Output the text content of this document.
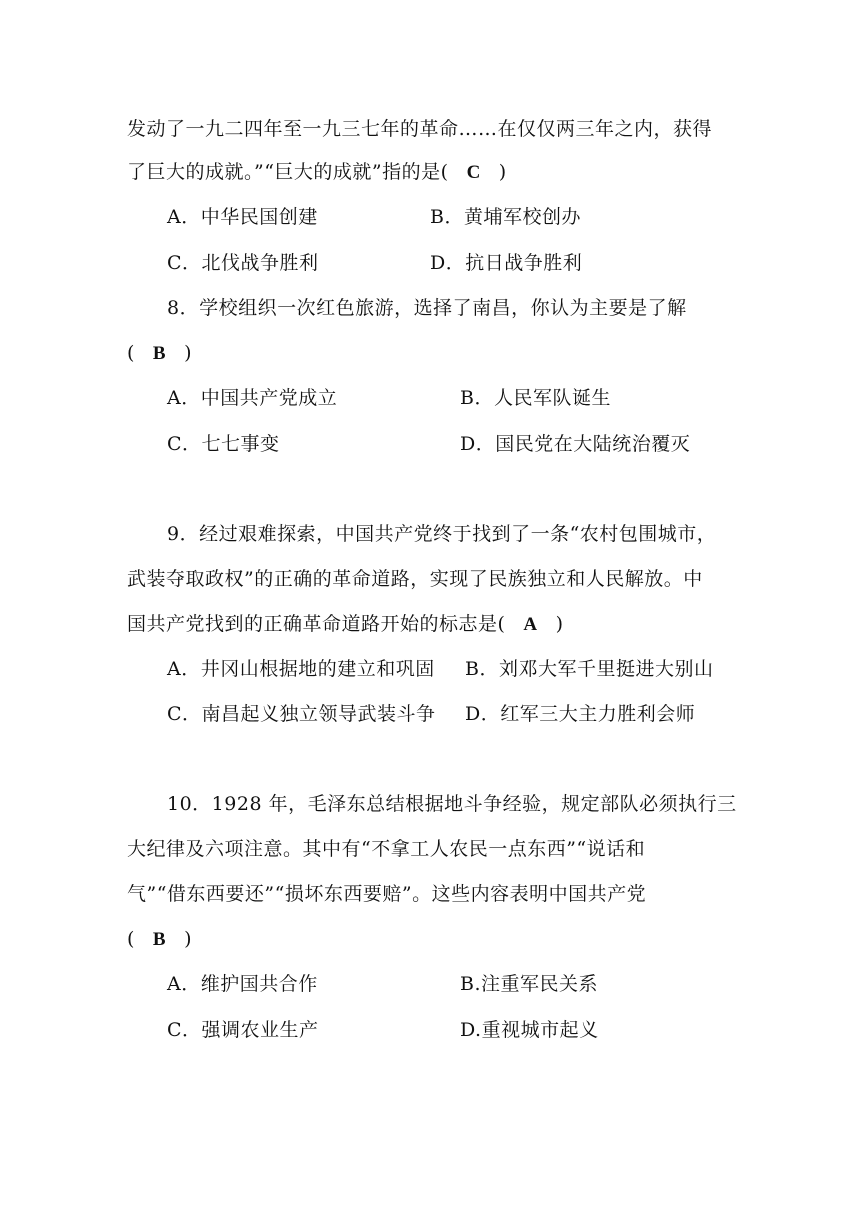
发动了一九二四年至一九三七年的革命……在仅仅两三年之内，获得
了巨大的成就。”“巨大的成就”指的是( C )
A．中华民国创建	B．黄埔军校创办
C．北伐战争胜利	D．抗日战争胜利
8．学校组织一次红色旅游，选择了南昌，你认为主要是了解
( B )
A．中国共产党成立	B．人民军队诞生
C．七七事变	D．国民党在大陆统治覆灭
9．经过艰难探索，中国共产党终于找到了一条“农村包围城市，
武装夺取政权”的正确的革命道路，实现了民族独立和人民解放。中
国共产党找到的正确革命道路开始的标志是( A )
A．井冈山根据地的建立和巩固 B．刘邓大军千里挺进大别山
C．南昌起义独立领导武装斗争 D．红军三大主力胜利会师
10．1928 年，毛泽东总结根据地斗争经验，规定部队必须执行三
大纪律及六项注意。其中有“不拿工人农民一点东西”“说话和
气”“借东西要还”“损坏东西要赔”。这些内容表明中国共产党
( B )
A．维护国共合作	B.注重军民关系
C．强调农业生产	D.重视城市起义
